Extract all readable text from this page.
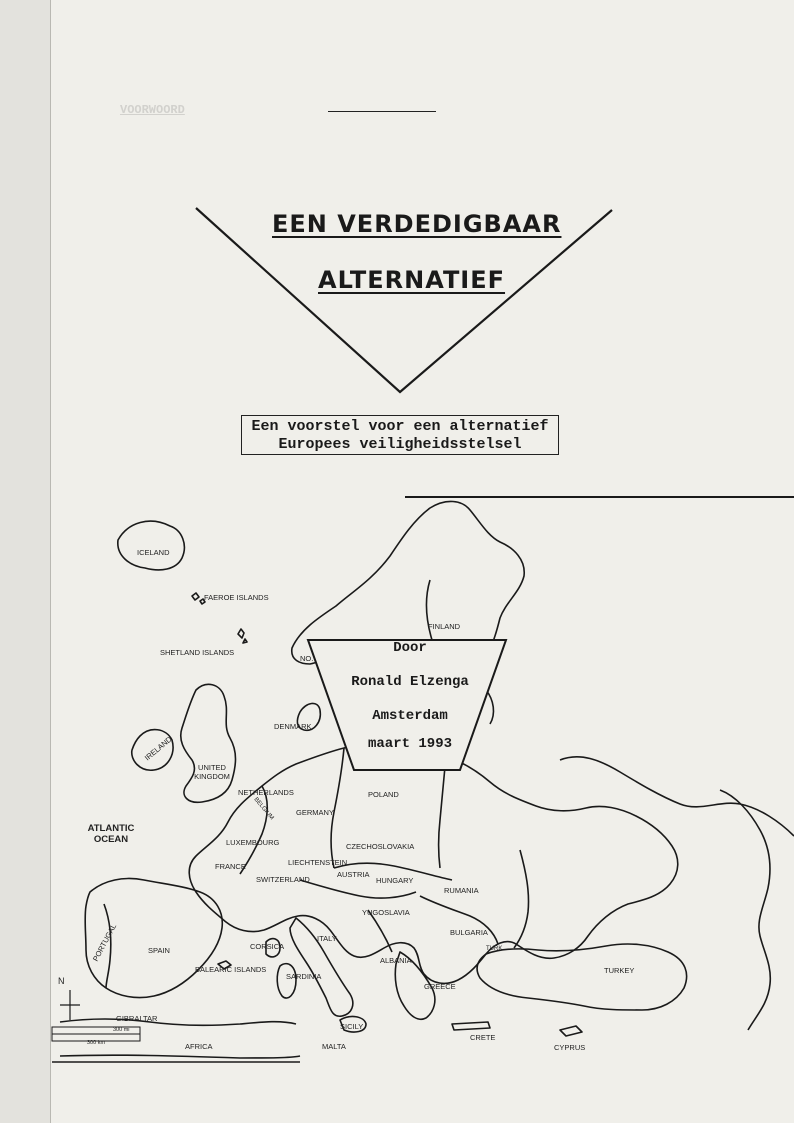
VOORWOORD
EEN VERDEDIGBAAR
ALTERNATIEF
Een voorstel voor een alternatief
Europees veiligheidsstelsel
Door
Ronald Elzenga
Amsterdam
maart 1993
ICELAND
FAEROE ISLANDS
SHETLAND ISLANDS
FINLAND
NO.
DENMARK
IRELAND
UNITED KINGDOM
NETHERLANDS
BELGIUM
LUXEMBOURG
GERMANY
POLAND
CZECHOSLOVAKIA
LIECHTENSTEIN
AUSTRIA
HUNGARY
RUMANIA
FRANCE
SWITZERLAND
YUGOSLAVIA
BULGARIA
ATLANTIC OCEAN
PORTUGAL	SPAIN	CORSICA
ITALY
ALBANIA
GREECE
TURKEY
TURK
BALEARIC ISLANDS
SARDINIA
GIBRALTAR
SICILY
MALTA
CRETE
CYPRUS
AFRICA
N
300 mi
300 km
